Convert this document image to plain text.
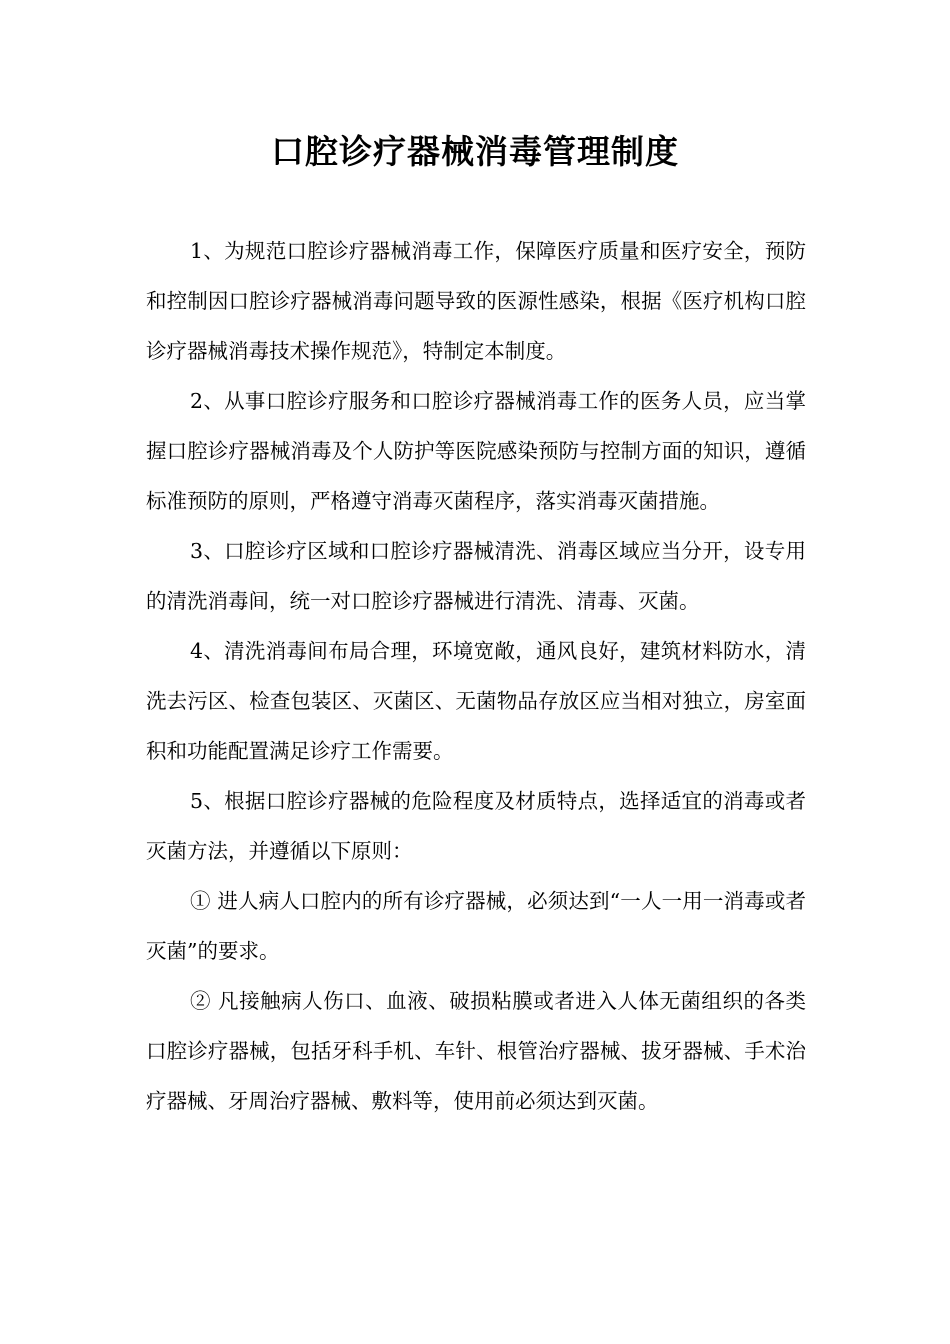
口腔诊疗器械消毒管理制度

1、为规范口腔诊疗器械消毒工作，保障医疗质量和医疗安全，预防和控制因口腔诊疗器械消毒问题导致的医源性感染，根据《医疗机构口腔诊疗器械消毒技术操作规范》，特制定本制度。

2、从事口腔诊疗服务和口腔诊疗器械消毒工作的医务人员，应当掌握口腔诊疗器械消毒及个人防护等医院感染预防与控制方面的知识，遵循标准预防的原则，严格遵守消毒灭菌程序，落实消毒灭菌措施。

3、口腔诊疗区域和口腔诊疗器械清洗、消毒区域应当分开，设专用的清洗消毒间，统一对口腔诊疗器械进行清洗、清毒、灭菌。

4、清洗消毒间布局合理，环境宽敞，通风良好，建筑材料防水，清洗去污区、检查包装区、灭菌区、无菌物品存放区应当相对独立，房室面积和功能配置满足诊疗工作需要。

5、根据口腔诊疗器械的危险程度及材质特点，选择适宜的消毒或者灭菌方法，并遵循以下原则：

① 进人病人口腔内的所有诊疗器械，必须达到“一人一用一消毒或者灭菌”的要求。

② 凡接触病人伤口、血液、破损粘膜或者进入人体无菌组织的各类口腔诊疗器械，包括牙科手机、车针、根管治疗器械、拔牙器械、手术治疗器械、牙周治疗器械、敷料等，使用前必须达到灭菌。
